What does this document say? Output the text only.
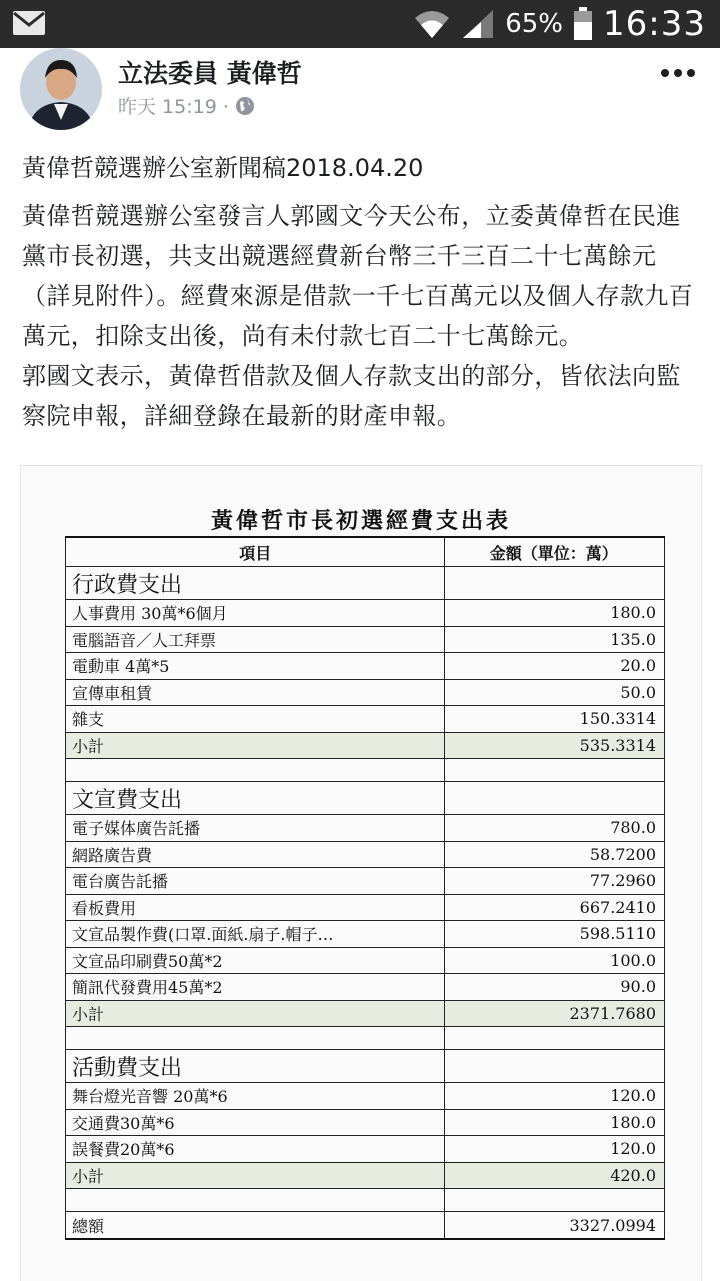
65% 16:33
立法委員 黃偉哲
昨天 15:19 ·
黃偉哲競選辦公室新聞稿2018.04.20

黃偉哲競選辦公室發言人郭國文今天公布，立委黃偉哲在民進黨市長初選，共支出競選經費新台幣三千三百二十七萬餘元（詳見附件）。經費來源是借款一千七百萬元以及個人存款九百萬元，扣除支出後，尚有未付款七百二十七萬餘元。

郭國文表示，黃偉哲借款及個人存款支出的部分，皆依法向監察院申報，詳細登錄在最新的財產申報。

黃偉哲市長初選經費支出表
項目	金額（單位：萬）
行政費支出	
人事費用 30萬*6個月	180.0
電腦語音／人工拜票	135.0
電動車 4萬*5	20.0
宣傳車租賃	50.0
雜支	150.3314
小計	535.3314

文宣費支出	
電子媒体廣告託播	780.0
網路廣告費	58.7200
電台廣告託播	77.2960
看板費用	667.2410
文宣品製作費(口罩.面紙.扇子.帽子…	598.5110
文宣品印刷費50萬*2	100.0
簡訊代發費用45萬*2	90.0
小計	2371.7680

活動費支出	
舞台燈光音響 20萬*6	120.0
交通費30萬*6	180.0
誤餐費20萬*6	120.0
小計	420.0

總額	3327.0994
